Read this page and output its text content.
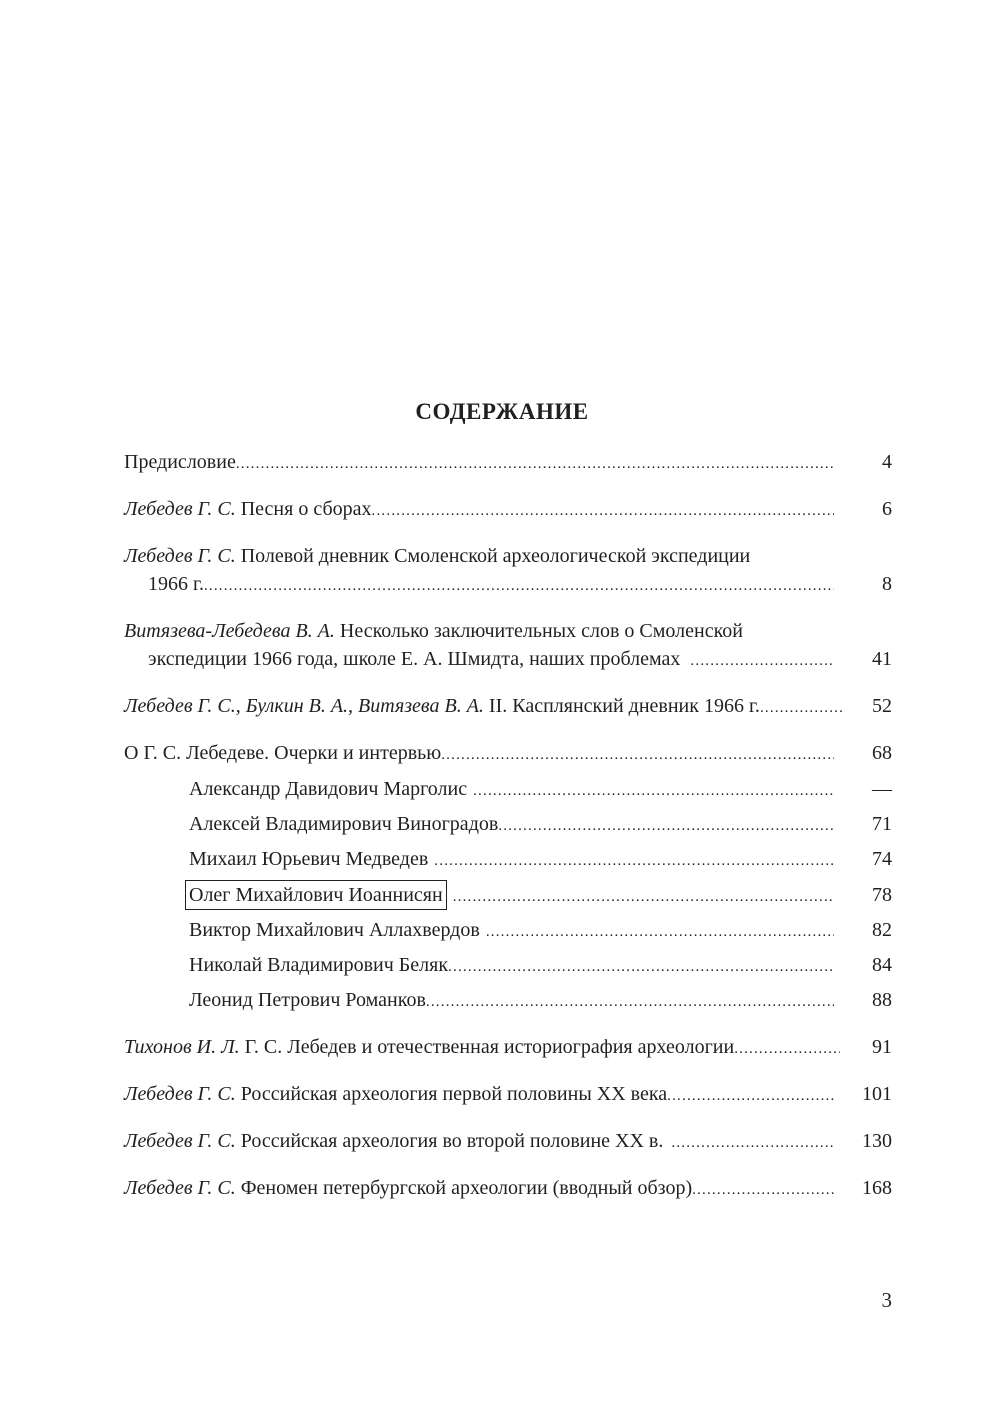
СОДЕРЖАНИЕ
Предисловие .....	4
Лебедев Г. С. Песня о сборах .....	6
Лебедев Г. С. Полевой дневник Смоленской археологической экспедиции
1966 г. .....	8
Витязева-Лебедева В. А. Несколько заключительных слов о Смоленской
экспедиции 1966 года, школе Е. А. Шмидта, наших проблемах .....	41
Лебедев Г. С., Булкин В. А., Витязева В. А. II. Касплянский дневник 1966 г. .....	52
О Г. С. Лебедеве. Очерки и интервью .....	68
Александр Давидович Марголис .....	—
Алексей Владимирович Виноградов .....	71
Михаил Юрьевич Медведев .....	74
Олег Михайлович Иоаннисян .....	78
Виктор Михайлович Аллахвердов .....	82
Николай Владимирович Беляк .....	84
Леонид Петрович Романков .....	88
Тихонов И. Л. Г. С. Лебедев и отечественная историография археологии .....	91
Лебедев Г. С. Российская археология первой половины XX века .....	101
Лебедев Г. С. Российская археология во второй половине XX в. .....	130
Лебедев Г. С. Феномен петербургской археологии (вводный обзор) .....	168
3
